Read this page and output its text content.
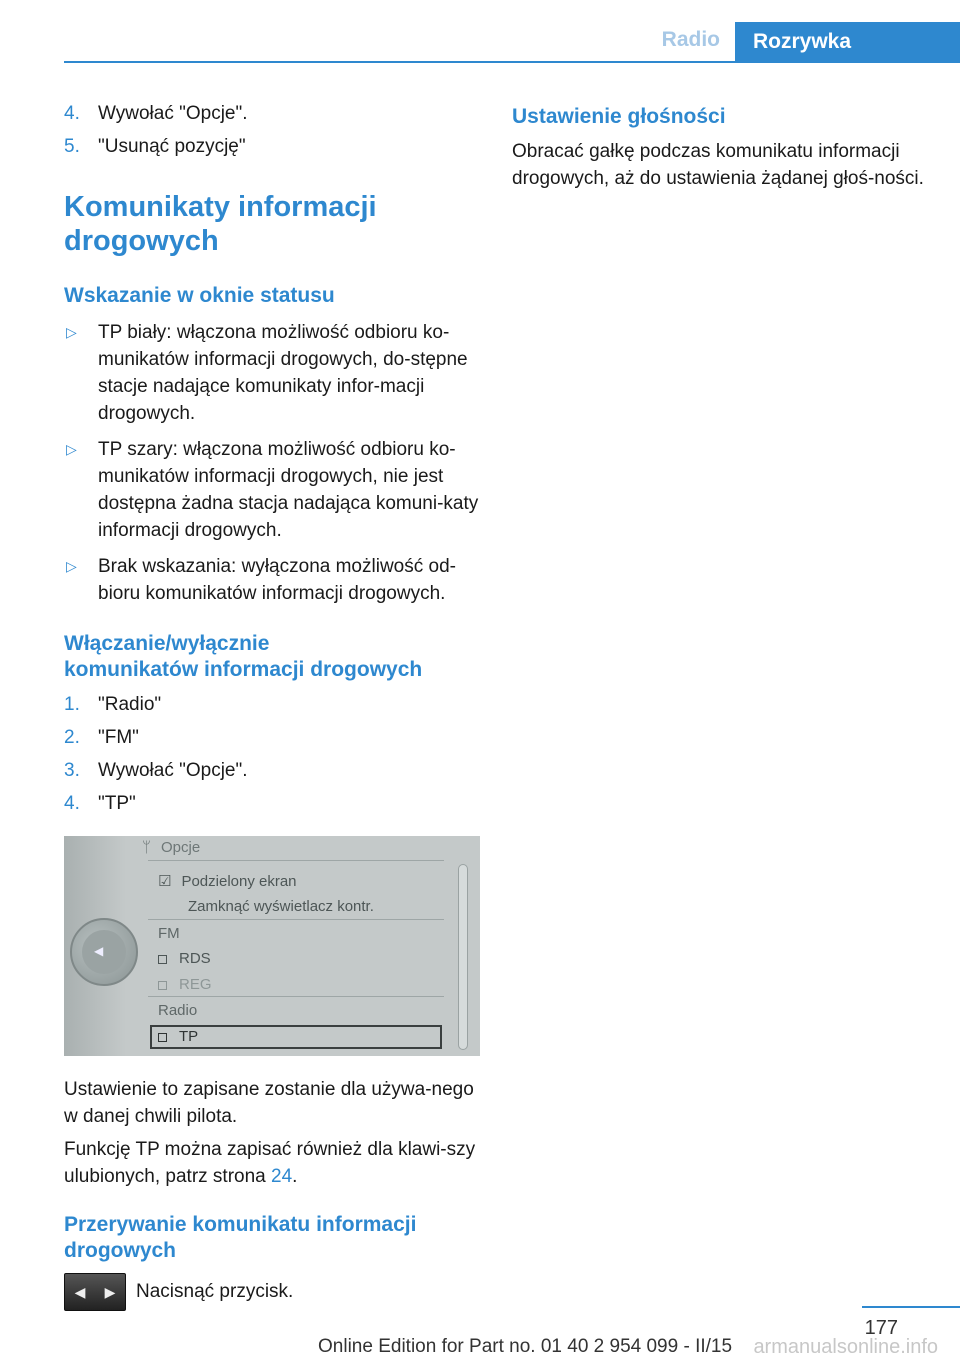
Radio	Rozrywka
4. Wywołać "Opcje".
5. "Usunąć pozycję"
Komunikaty informacji drogowych
Wskazanie w oknie statusu
▷	TP biały: włączona możliwość odbioru ko-munikatów informacji drogowych, do-stępne stacje nadające komunikaty infor-macji drogowych.
▷	TP szary: włączona możliwość odbioru ko-munikatów informacji drogowych, nie jest dostępna żadna stacja nadająca komuni-katy informacji drogowych.
▷	Brak wskazania: wyłączona możliwość od-bioru komunikatów informacji drogowych.
Włączanie/wyłącznie
komunikatów informacji drogowych
1. "Radio"
2. "FM"
3. Wywołać "Opcje".
4. "TP"
◀
ᛘ Opcje
☑ Podzielony ekran
Zamknąć wyświetlacz kontr.
FM
RDS
REG
Radio
TP
Ustawienie to zapisane zostanie dla używa-nego w danej chwili pilota.
Funkcję TP można zapisać również dla klawi-szy ulubionych, patrz strona 24.
Przerywanie komunikatu informacji drogowych
◀ ▶ Nacisnąć przycisk.
Ustawienie głośności
Obracać gałkę podczas komunikatu informacji drogowych, aż do ustawienia żądanej głoś-ności.
177
Online Edition for Part no. 01 40 2 954 099 - II/15 armanualsonline.info
